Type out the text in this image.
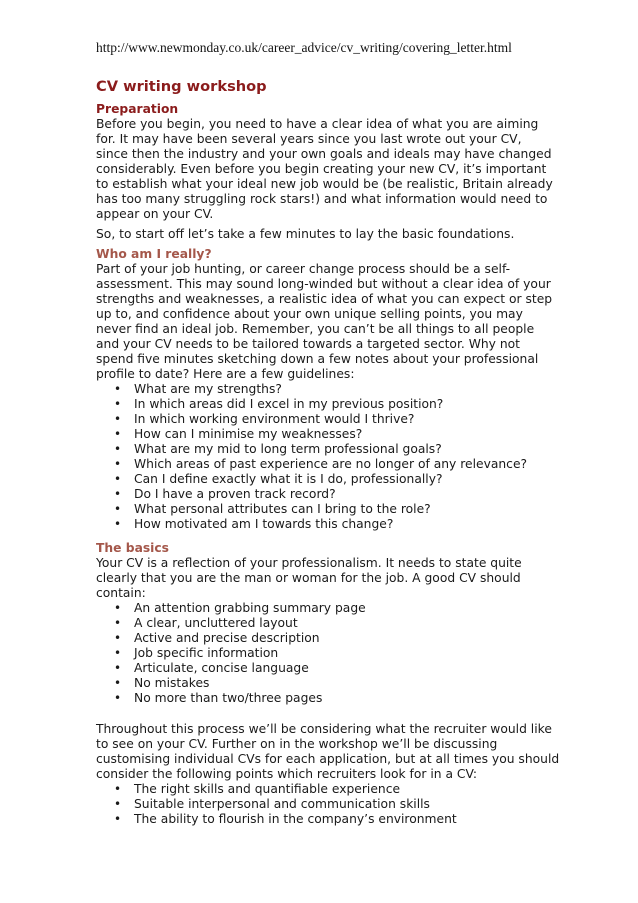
http://www.newmonday.co.uk/career_advice/cv_writing/covering_letter.html
CV writing workshop
Preparation
Before you begin, you need to have a clear idea of what you are aiming
for. It may have been several years since you last wrote out your CV,
since then the industry and your own goals and ideals may have changed
considerably. Even before you begin creating your new CV, it’s important
to establish what your ideal new job would be (be realistic, Britain already
has too many struggling rock stars!) and what information would need to
appear on your CV.
So, to start off let’s take a few minutes to lay the basic foundations.
Who am I really?
Part of your job hunting, or career change process should be a self-
assessment. This may sound long-winded but without a clear idea of your
strengths and weaknesses, a realistic idea of what you can expect or step
up to, and confidence about your own unique selling points, you may
never find an ideal job. Remember, you can’t be all things to all people
and your CV needs to be tailored towards a targeted sector. Why not
spend five minutes sketching down a few notes about your professional
profile to date? Here are a few guidelines:
• What are my strengths?
• In which areas did I excel in my previous position?
• In which working environment would I thrive?
• How can I minimise my weaknesses?
• What are my mid to long term professional goals?
• Which areas of past experience are no longer of any relevance?
• Can I define exactly what it is I do, professionally?
• Do I have a proven track record?
• What personal attributes can I bring to the role?
• How motivated am I towards this change?
The basics
Your CV is a reflection of your professionalism. It needs to state quite
clearly that you are the man or woman for the job. A good CV should
contain:
• An attention grabbing summary page
• A clear, uncluttered layout
• Active and precise description
• Job specific information
• Articulate, concise language
• No mistakes
• No more than two/three pages
Throughout this process we’ll be considering what the recruiter would like
to see on your CV. Further on in the workshop we’ll be discussing
customising individual CVs for each application, but at all times you should
consider the following points which recruiters look for in a CV:
• The right skills and quantifiable experience
• Suitable interpersonal and communication skills
• The ability to flourish in the company’s environment
